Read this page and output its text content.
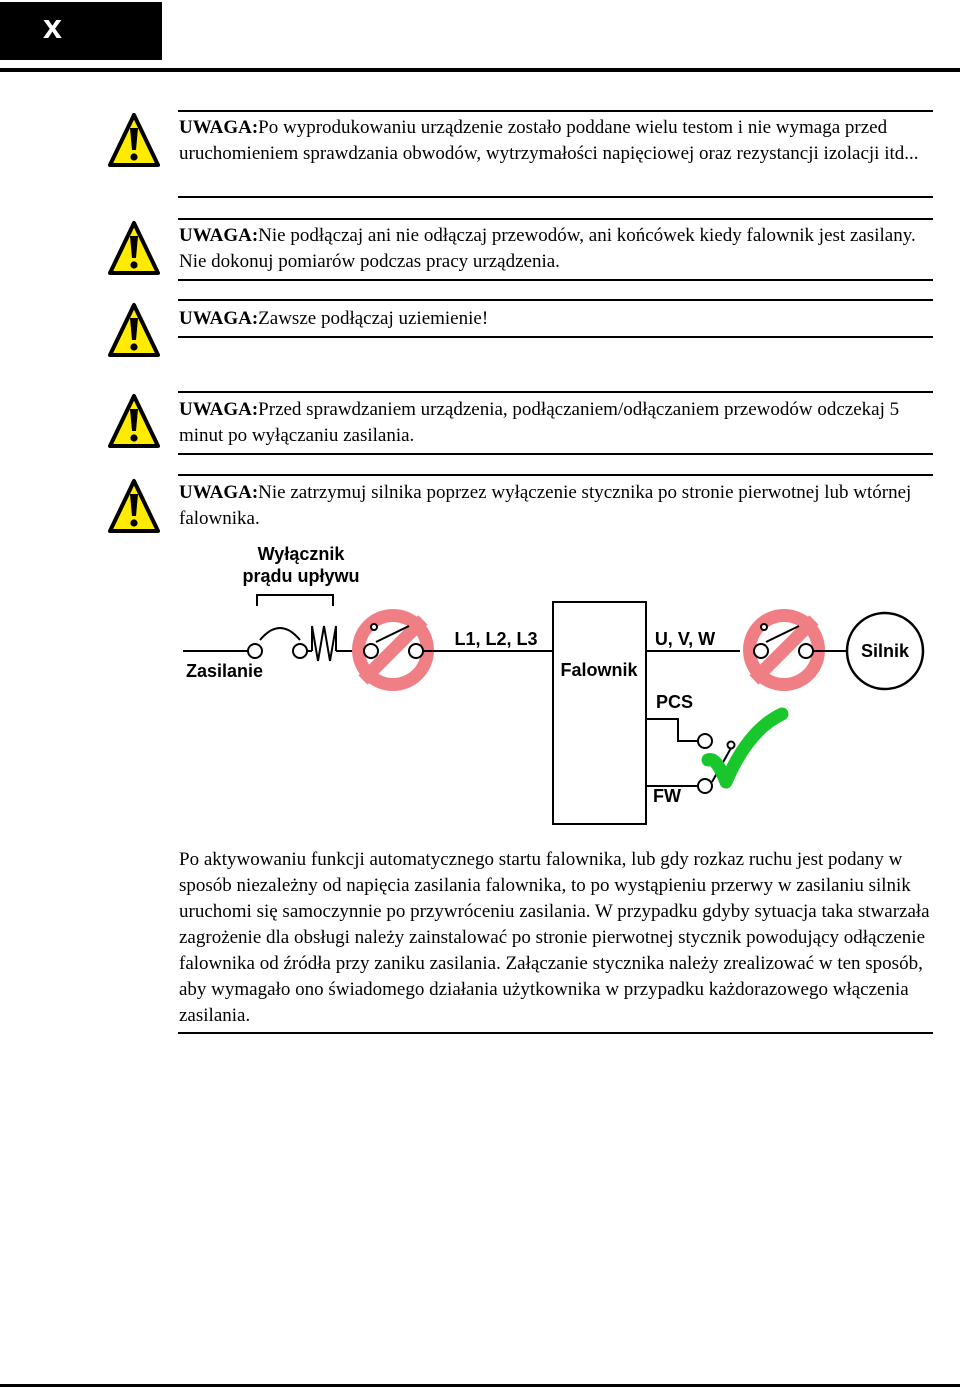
x
UWAGA:Po wyprodukowaniu urządzenie zostało poddane wielu testom i nie wymaga przed uruchomieniem sprawdzania obwodów, wytrzymałości napięciowej oraz rezystancji izolacji itd...
UWAGA:Nie podłączaj ani nie odłączaj przewodów, ani końcówek kiedy falownik jest zasilany. Nie dokonuj pomiarów podczas pracy urządzenia.
UWAGA:Zawsze podłączaj uziemienie!
UWAGA:Przed sprawdzaniem urządzenia, podłączaniem/odłączaniem przewodów odczekaj 5 minut po wyłączaniu zasilania.
UWAGA:Nie zatrzymuj silnika poprzez wyłączenie stycznika po stronie pierwotnej lub wtórnej falownika.
Wyłącznik
prądu upływu
Zasilanie
L1, L2, L3
Falownik
U, V, W
Silnik
PCS
FW
Po aktywowaniu funkcji automatycznego startu falownika, lub gdy rozkaz ruchu jest podany w sposób niezależny od napięcia zasilania falownika, to po wystąpieniu przerwy w zasilaniu silnik uruchomi się samoczynnie po przywróceniu zasilania. W przypadku gdyby sytuacja taka stwarzała zagrożenie dla obsługi należy zainstalować po stronie pierwotnej stycznik powodujący odłączenie falownika od źródła przy zaniku zasilania. Załączanie stycznika należy zrealizować w ten sposób, aby wymagało ono świadomego działania użytkownika w przypadku każdorazowego włączenia zasilania.
